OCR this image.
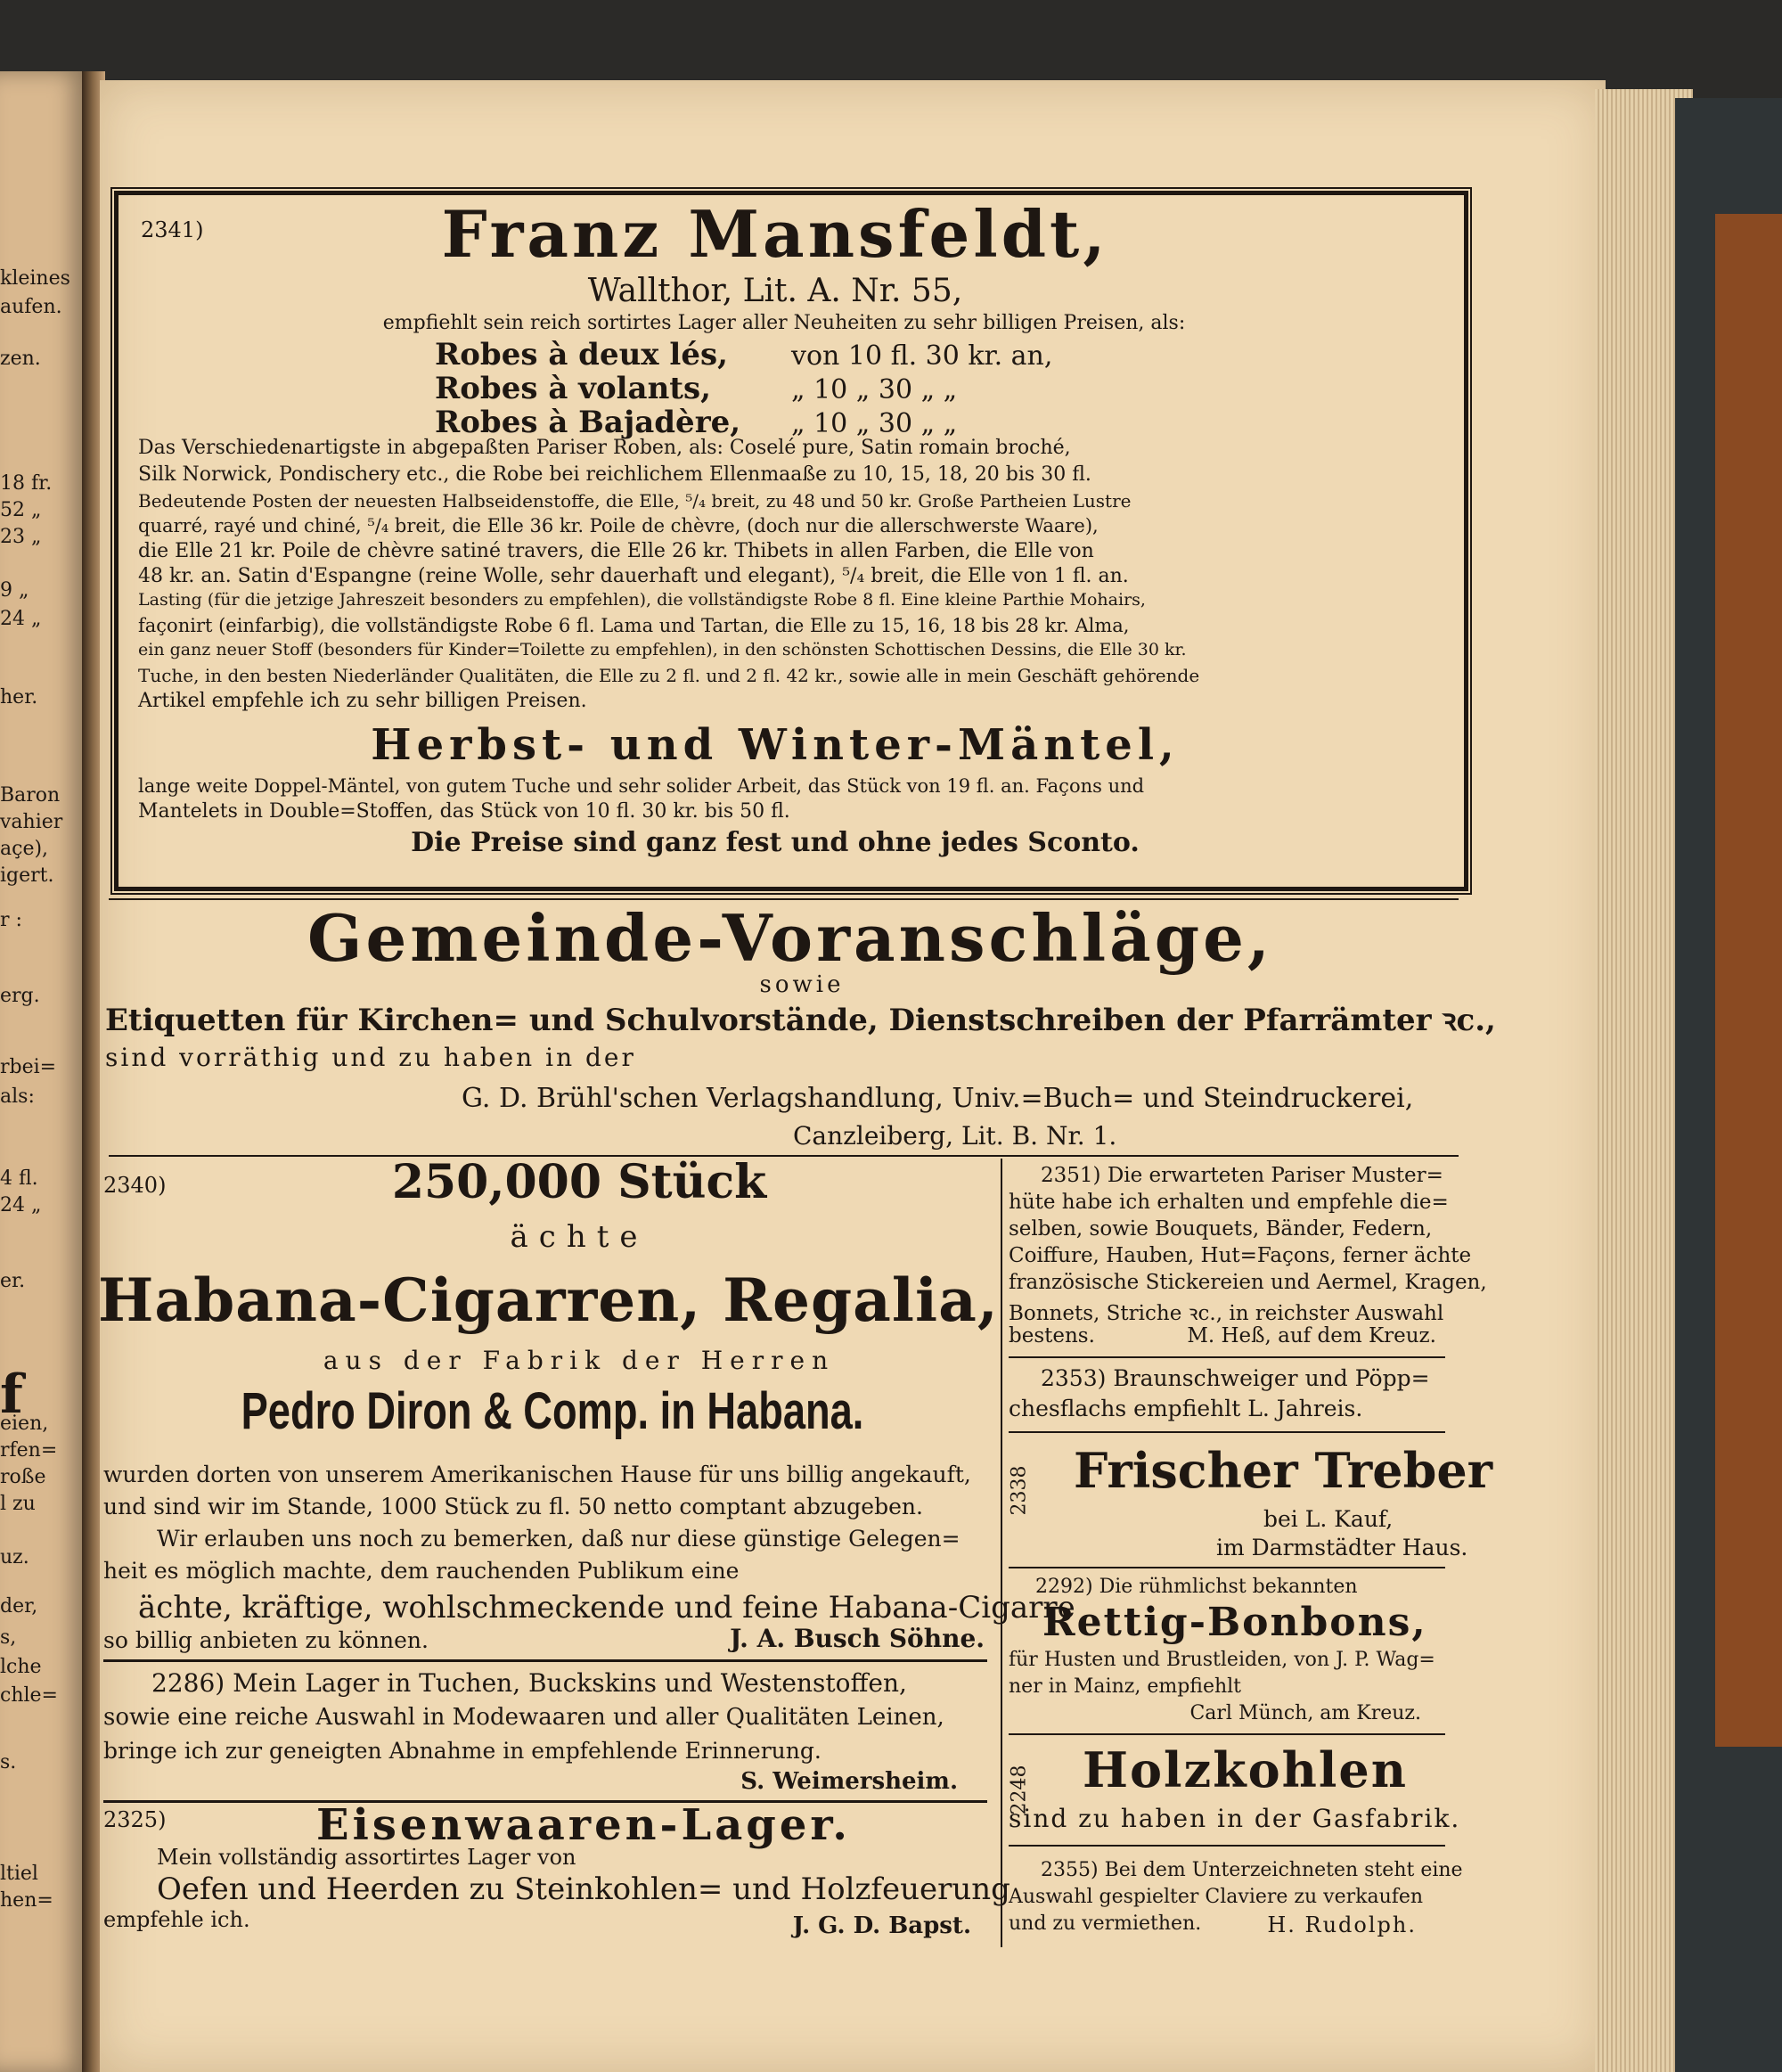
kleines
aufen.
zen.
18 fr.
52 „
23 „
9 „
24 „
her.
Baron
vahier
açe),
igert.
r :
erg.
rbei=
als:
4 fl.
24 „
er.
f
eien,
rfen=
roße
l zu
uz.
der,
s,
lche
chle=
s.
ltiel
hen=
2341)	Franz Mansfeldt,
Wallthor, Lit. A. Nr. 55,
empfiehlt sein reich sortirtes Lager aller Neuheiten zu sehr billigen Preisen, als:
Robes à deux lés, von 10 fl. 30 kr. an,
Robes à volants,	„ 10 „ 30 „ „
Robes à Bajadère, „ 10 „ 30 „ „
Das Verschiedenartigste in abgepaßten Pariser Roben, als: Coselé pure, Satin romain broché,
Silk Norwick, Pondischery etc., die Robe bei reichlichem Ellenmaaße zu 10, 15, 18, 20 bis 30 fl.
Bedeutende Posten der neuesten Halbseidenstoffe, die Elle, ⁵/₄ breit, zu 48 und 50 kr. Große Partheien Lustre
quarré, rayé und chiné, ⁵/₄ breit, die Elle 36 kr. Poile de chèvre, (doch nur die allerschwerste Waare),
die Elle 21 kr. Poile de chèvre satiné travers, die Elle 26 kr. Thibets in allen Farben, die Elle von
48 kr. an. Satin d'Espangne (reine Wolle, sehr dauerhaft und elegant), ⁵/₄ breit, die Elle von 1 fl. an.
Lasting (für die jetzige Jahreszeit besonders zu empfehlen), die vollständigste Robe 8 fl. Eine kleine Parthie Mohairs,
façonirt (einfarbig), die vollständigste Robe 6 fl. Lama und Tartan, die Elle zu 15, 16, 18 bis 28 kr. Alma,
ein ganz neuer Stoff (besonders für Kinder=Toilette zu empfehlen), in den schönsten Schottischen Dessins, die Elle 30 kr.
Tuche, in den besten Niederländer Qualitäten, die Elle zu 2 fl. und 2 fl. 42 kr., sowie alle in mein Geschäft gehörende
Artikel empfehle ich zu sehr billigen Preisen.
Herbst- und Winter-Mäntel,
lange weite Doppel-Mäntel, von gutem Tuche und sehr solider Arbeit, das Stück von 19 fl. an. Façons und
Mantelets in Double=Stoffen, das Stück von 10 fl. 30 kr. bis 50 fl.
Die Preise sind ganz fest und ohne jedes Sconto.
Gemeinde-Voranschläge,
sowie
Etiquetten für Kirchen= und Schulvorstände, Dienstschreiben der Pfarrämter ꝛc.,
sind vorräthig und zu haben in der
G. D. Brühl'schen Verlagshandlung, Univ.=Buch= und Steindruckerei,
Canzleiberg, Lit. B. Nr. 1.
2340)	250,000 Stück
ächte
Habana-Cigarren, Regalia,
aus der Fabrik der Herren
Pedro Diron & Comp. in Habana.
wurden dorten von unserem Amerikanischen Hause für uns billig angekauft,
und sind wir im Stande, 1000 Stück zu fl. 50 netto comptant abzugeben.
Wir erlauben uns noch zu bemerken, daß nur diese günstige Gelegen=
heit es möglich machte, dem rauchenden Publikum eine
ächte, kräftige, wohlschmeckende und feine Habana-Cigarre
so billig anbieten zu können.	J. A. Busch Söhne.
2286) Mein Lager in Tuchen, Buckskins und Westenstoffen,
sowie eine reiche Auswahl in Modewaaren und aller Qualitäten Leinen,
bringe ich zur geneigten Abnahme in empfehlende Erinnerung.
S. Weimersheim.
2325)	Eisenwaaren-Lager.
Mein vollständig assortirtes Lager von
Oefen und Heerden zu Steinkohlen= und Holzfeuerung
empfehle ich.	J. G. D. Bapst.
2351) Die erwarteten Pariser Muster=
hüte habe ich erhalten und empfehle die=
selben, sowie Bouquets, Bänder, Federn,
Coiffure, Hauben, Hut=Façons, ferner ächte
französische Stickereien und Aermel, Kragen,
Bonnets, Striche ꝛc., in reichster Auswahl
bestens.	M. Heß, auf dem Kreuz.
2353) Braunschweiger und Pöpp=
chesflachs empfiehlt L. Jahreis.
2338 Frischer Treber
bei L. Kauf,
im Darmstädter Haus.
2292) Die rühmlichst bekannten
Rettig-Bonbons,
für Husten und Brustleiden, von J. P. Wag=
ner in Mainz, empfiehlt
Carl Münch, am Kreuz.
2248 Holzkohlen
sind zu haben in der Gasfabrik.
2355) Bei dem Unterzeichneten steht eine
Auswahl gespielter Claviere zu verkaufen
und zu vermiethen.	H. Rudolph.
